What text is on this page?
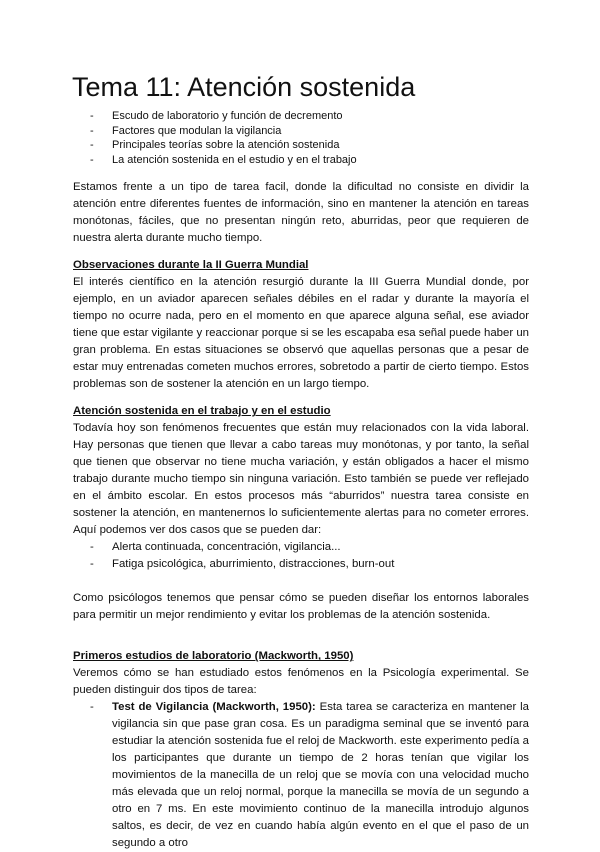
Tema 11: Atención sostenida
- Escudo de laboratorio y función de decremento
- Factores que modulan la vigilancia
- Principales teorías sobre la atención sostenida
- La atención sostenida en el estudio y en el trabajo

Estamos frente a un tipo de tarea facil, donde la dificultad no consiste en dividir la atención entre diferentes fuentes de información, sino en mantener la atención en tareas monótonas, fáciles, que no presentan ningún reto, aburridas, peor que requieren de nuestra alerta durante mucho tiempo.

Observaciones durante la II Guerra Mundial

El interés científico en la atención resurgió durante la III Guerra Mundial donde, por ejemplo, en un aviador aparecen señales débiles en el radar y durante la mayoría el tiempo no ocurre nada, pero en el momento en que aparece alguna señal, ese aviador tiene que estar vigilante y reaccionar porque si se les escapaba esa señal puede haber un gran problema. En estas situaciones se observó que aquellas personas que a pesar de estar muy entrenadas cometen muchos errores, sobretodo a partir de cierto tiempo. Estos problemas son de sostener la atención en un largo tiempo.

Atención sostenida en el trabajo y en el estudio

Todavía hoy son fenómenos frecuentes que están muy relacionados con la vida laboral. Hay personas que tienen que llevar a cabo tareas muy monótonas, y por tanto, la señal que tienen que observar no tiene mucha variación, y están obligados a hacer el mismo trabajo durante mucho tiempo sin ninguna variación. Esto también se puede ver reflejado en el ámbito escolar. En estos procesos más “aburridos” nuestra tarea consiste en sostener la atención, en mantenernos lo suficientemente alertas para no cometer errores. Aquí podemos ver dos casos que se pueden dar:

- Alerta continuada, concentración, vigilancia...
- Fatiga psicológica, aburrimiento, distracciones, burn-out

Como psicólogos tenemos que pensar cómo se pueden diseñar los entornos laborales para permitir un mejor rendimiento y evitar los problemas de la atención sostenida.

Primeros estudios de laboratorio (Mackworth, 1950)

Veremos cómo se han estudiado estos fenómenos en la Psicología experimental. Se pueden distinguir dos tipos de tarea:

- Test de Vigilancia (Mackworth, 1950): Esta tarea se caracteriza en mantener la vigilancia sin que pase gran cosa. Es un paradigma seminal que se inventó para estudiar la atención sostenida fue el reloj de Mackworth. este experimento pedía a los participantes que durante un tiempo de 2 horas tenían que vigilar los movimientos de la manecilla de un reloj que se movía con una velocidad mucho más elevada que un reloj normal, porque la manecilla se movía de un segundo a otro en 7 ms. En este movimiento continuo de la manecilla introdujo algunos saltos, es decir, de vez en cuando había algún evento en el que el paso de un segundo a otro
